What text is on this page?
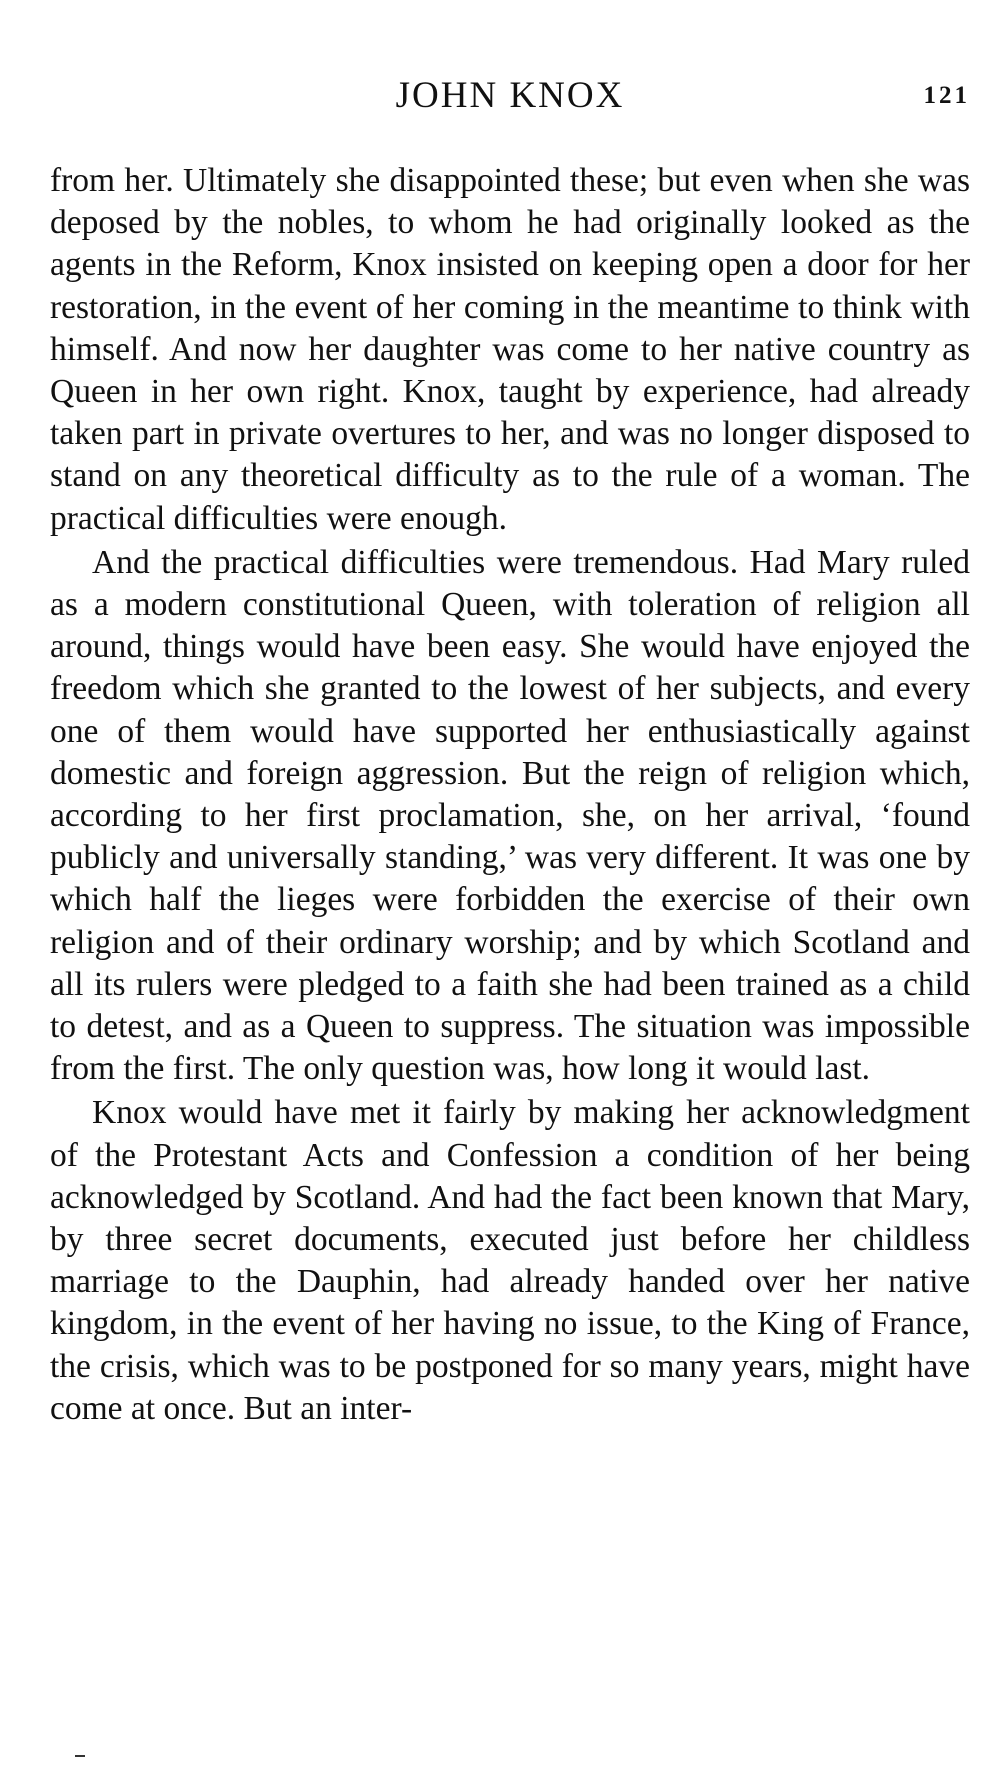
JOHN KNOX	121

from her. Ultimately she disappointed these; but even when she was deposed by the nobles, to whom he had originally looked as the agents in the Reform, Knox insisted on keeping open a door for her restoration, in the event of her coming in the meantime to think with himself. And now her daughter was come to her native country as Queen in her own right. Knox, taught by experience, had already taken part in private overtures to her, and was no longer disposed to stand on any theoretical difficulty as to the rule of a woman. The practical difficulties were enough.

And the practical difficulties were tremendous. Had Mary ruled as a modern constitutional Queen, with toleration of religion all around, things would have been easy. She would have enjoyed the freedom which she granted to the lowest of her subjects, and every one of them would have supported her enthusiastically against domestic and foreign aggression. But the reign of religion which, according to her first proclamation, she, on her arrival, ‘found publicly and universally standing,’ was very different. It was one by which half the lieges were forbidden the exercise of their own religion and of their ordinary worship; and by which Scotland and all its rulers were pledged to a faith she had been trained as a child to detest, and as a Queen to suppress. The situation was impossible from the first. The only question was, how long it would last.

Knox would have met it fairly by making her acknowledgment of the Protestant Acts and Confession a condition of her being acknowledged by Scotland. And had the fact been known that Mary, by three secret documents, executed just before her childless marriage to the Dauphin, had already handed over her native kingdom, in the event of her having no issue, to the King of France, the crisis, which was to be postponed for so many years, might have come at once. But an inter-
